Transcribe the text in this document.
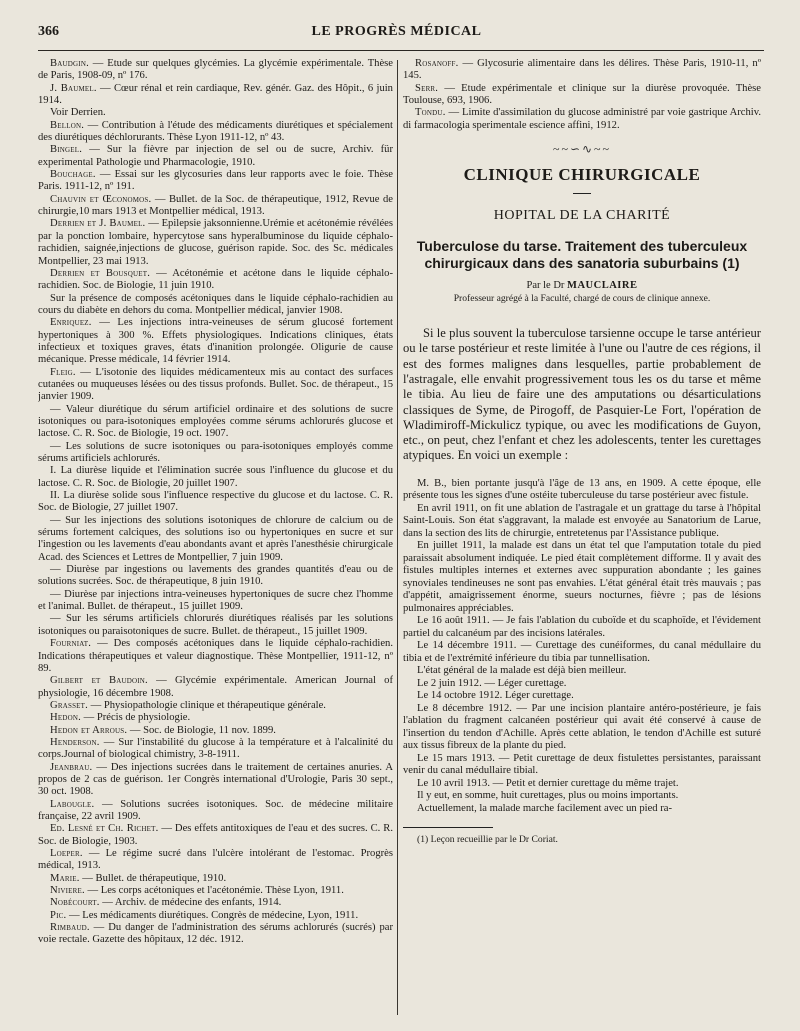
366	LE PROGRÈS MÉDICAL

Baudgin. — Etude sur quelques glycémies. La glycémie expérimentale. Thèse de Paris, 1908-09, nº 176.

J. Baumel. — Cœur rénal et rein cardiaque, Rev. génér. Gaz. des Hôpit., 6 juin 1914.

Voir Derrien.

Bellon. — Contribution à l'étude des médicaments diurétiques et spécialement des diurétiques déchlorurants. Thèse Lyon 1911-12, nº 43.

Bingel. — Sur la fièvre par injection de sel ou de sucre, Archiv. für experimental Pathologie und Pharmacologie, 1910.

Bouchage. — Essai sur les glycosuries dans leur rapports avec le foie. Thèse Paris. 1911-12, nº 191.

Chauvin et Œconomos. — Bullet. de la Soc. de thérapeutique, 1912, Revue de chirurgie,10 mars 1913 et Montpellier médical, 1913.

Derrien et J. Baumel. — Epilepsie jaksonnienne.Urémie et acétonémie révélées par la ponction lombaire, hypercytose sans hyperalbuminose du liquide céphalo-rachidien, saignée,injections de glucose, guérison rapide. Soc. des Sc. médicales Montpellier, 23 mai 1913.

Derrien et Bousquet. — Acétonémie et acétone dans le liquide céphalo-rachidien. Soc. de Biologie, 11 juin 1910.

Sur la présence de composés acétoniques dans le liquide céphalo-rachidien au cours du diabète en dehors du coma. Montpellier médical, janvier 1908.

Enriquez. — Les injections intra-veineuses de sérum glucosé fortement hypertoniques à 300 %. Effets physiologiques. Indications cliniques, états infectieux et toxiques graves, états d'inanition prolongée. Oligurie de cause mécanique. Presse médicale, 14 février 1914.

Fleig. — L'isotonie des liquides médicamenteux mis au contact des surfaces cutanées ou muqueuses lésées ou des tissus profonds. Bullet. Soc. de thérapeut., 15 janvier 1909.

— Valeur diurétique du sérum artificiel ordinaire et des solutions de sucre isotoniques ou para-isotoniques employées comme sérums achlorurés glucose et lactose. C. R. Soc. de Biologie, 19 oct. 1907.

— Les solutions de sucre isotoniques ou para-isotoniques employés comme sérums artificiels achlorurés.

I. La diurèse liquide et l'élimination sucrée sous l'influence du glucose et du lactose. C. R. Soc. de Biologie, 20 juillet 1907.

II. La diurèse solide sous l'influence respective du glucose et du lactose. C. R. Soc. de Biologie, 27 juillet 1907.

— Sur les injections des solutions isotoniques de chlorure de calcium ou de sérums fortement calciques, des solutions iso ou hypertoniques en sucre et sur l'ingestion ou les lavements d'eau abondants avant et après l'anesthésie chirurgicale Acad. des Sciences et Lettres de Montpellier, 7 juin 1909.

— Diurèse par ingestions ou lavements des grandes quantités d'eau ou de solutions sucrées. Soc. de thérapeutique, 8 juin 1910.

— Diurèse par injections intra-veineuses hypertoniques de sucre chez l'homme et l'animal. Bullet. de thérapeut., 15 juillet 1909.

— Sur les sérums artificiels chlorurés diurétiques réalisés par les solutions isotoniques ou paraisotoniques de sucre. Bullet. de thérapeut., 15 juillet 1909.

Fourniat. — Des composés acétoniques dans le liquide céphalo-rachidien. Indications thérapeutiques et valeur diagnostique. Thèse Montpellier, 1911-12, nº 89.

Gilbert et Baudoin. — Glycémie expérimentale. American Journal of physiologie, 16 décembre 1908.

Grasset. — Physiopathologie clinique et thérapeutique générale.

Hedon. — Précis de physiologie.

Hedon et Arrous. — Soc. de Biologie, 11 nov. 1899.

Henderson. — Sur l'instabilité du glucose à la température et à l'alcalinité du corps.Journal of biological chimistry, 3-8-1911.

Jeanbrau. — Des injections sucrées dans le traitement de certaines anuries. A propos de 2 cas de guérison. 1er Congrès international d'Urologie, Paris 30 sept., 30 oct. 1908.

Labougle. — Solutions sucrées isotoniques. Soc. de médecine militaire française, 22 avril 1909.

Ed. Lesné et Ch. Richet. — Des effets antitoxiques de l'eau et des sucres. C. R. Soc. de Biologie, 1903.

Loeper. — Le régime sucré dans l'ulcère intolérant de l'estomac. Progrès médical, 1913.

Marie. — Bullet. de thérapeutique, 1910.

Niviere. — Les corps acétoniques et l'acétonémie. Thèse Lyon, 1911.

Nobécourt. — Archiv. de médecine des enfants, 1914.

Pic. — Les médicaments diurétiques. Congrès de médecine, Lyon, 1911.

Rimbaud. — Du danger de l'administration des sérums achlorurés (sucrés) par voie rectale. Gazette des hôpitaux, 12 déc. 1912.

Rosanoff. — Glycosurie alimentaire dans les délires. Thèse Paris, 1910-11, nº 145.

Serr. — Etude expérimentale et clinique sur la diurèse provoquée. Thèse Toulouse, 693, 1906.

Tondu. — Limite d'assimilation du glucose administré par voie gastrique Archiv. di farmacologia sperimentale escience affini, 1912.

~~∽∿~~
CLINIQUE CHIRURGICALE
HOPITAL DE LA CHARITÉ
Tuberculose du tarse. Traitement des tuberculeux chirurgicaux dans des sanatoria suburbains (1)

Par le Dr MAUCLAIRE

Professeur agrégé à la Faculté, chargé de cours de clinique annexe.

Si le plus souvent la tuberculose tarsienne occupe le tarse antérieur ou le tarse postérieur et reste limitée à l'une ou l'autre de ces régions, il est des formes malignes dans lesquelles, partie probablement de l'astragale, elle envahit progressivement tous les os du tarse et même le tibia. Au lieu de faire une des amputations ou désarticulations classiques de Syme, de Pirogoff, de Pasquier-Le Fort, l'opération de Wladimiroff-Mickulicz typique, ou avec les modifications de Guyon, etc., on peut, chez l'enfant et chez les adolescents, tenter les curettages atypiques. En voici un exemple :

M. B., bien portante jusqu'à l'âge de 13 ans, en 1909. A cette époque, elle présente tous les signes d'une ostéite tuberculeuse du tarse postérieur avec fistule.

En avril 1911, on fit une ablation de l'astragale et un grattage du tarse à l'hôpital Saint-Louis. Son état s'aggravant, la malade est envoyée au Sanatorium de Larue, dans la section des lits de chirurgie, entretetenus par l'Assistance publique.

En juillet 1911, la malade est dans un état tel que l'amputation totale du pied paraissait absolument indiquée. Le pied était complètement difforme. Il y avait des fistules multiples internes et externes avec suppuration abondante ; les gaines synoviales tendineuses ne sont pas envahies. L'état général était très mauvais ; pas d'appétit, amaigrissement énorme, sueurs nocturnes, fièvre ; pas de lésions pulmonaires appréciables.

Le 16 août 1911. — Je fais l'ablation du cuboïde et du scaphoïde, et l'évidement partiel du calcanéum par des incisions latérales.

Le 14 décembre 1911. — Curettage des cunéiformes, du canal médullaire du tibia et de l'extrémité inférieure du tibia par tunnellisation.

L'état général de la malade est déjà bien meilleur.

Le 2 juin 1912. — Léger curettage.

Le 14 octobre 1912. Léger curettage.

Le 8 décembre 1912. — Par une incision plantaire antéro-postérieure, je fais l'ablation du fragment calcanéen postérieur qui avait été conservé à cause de l'insertion du tendon d'Achille. Après cette ablation, le tendon d'Achille est suturé aux tissus fibreux de la plante du pied.

Le 15 mars 1913. — Petit curettage de deux fistulettes persistantes, paraissant venir du canal médullaire tibial.

Le 10 avril 1913. — Petit et dernier curettage du même trajet.

Il y eut, en somme, huit curettages, plus ou moins importants.

Actuellement, la malade marche facilement avec un pied ra-

(1) Leçon recueillie par le Dr Coriat.
